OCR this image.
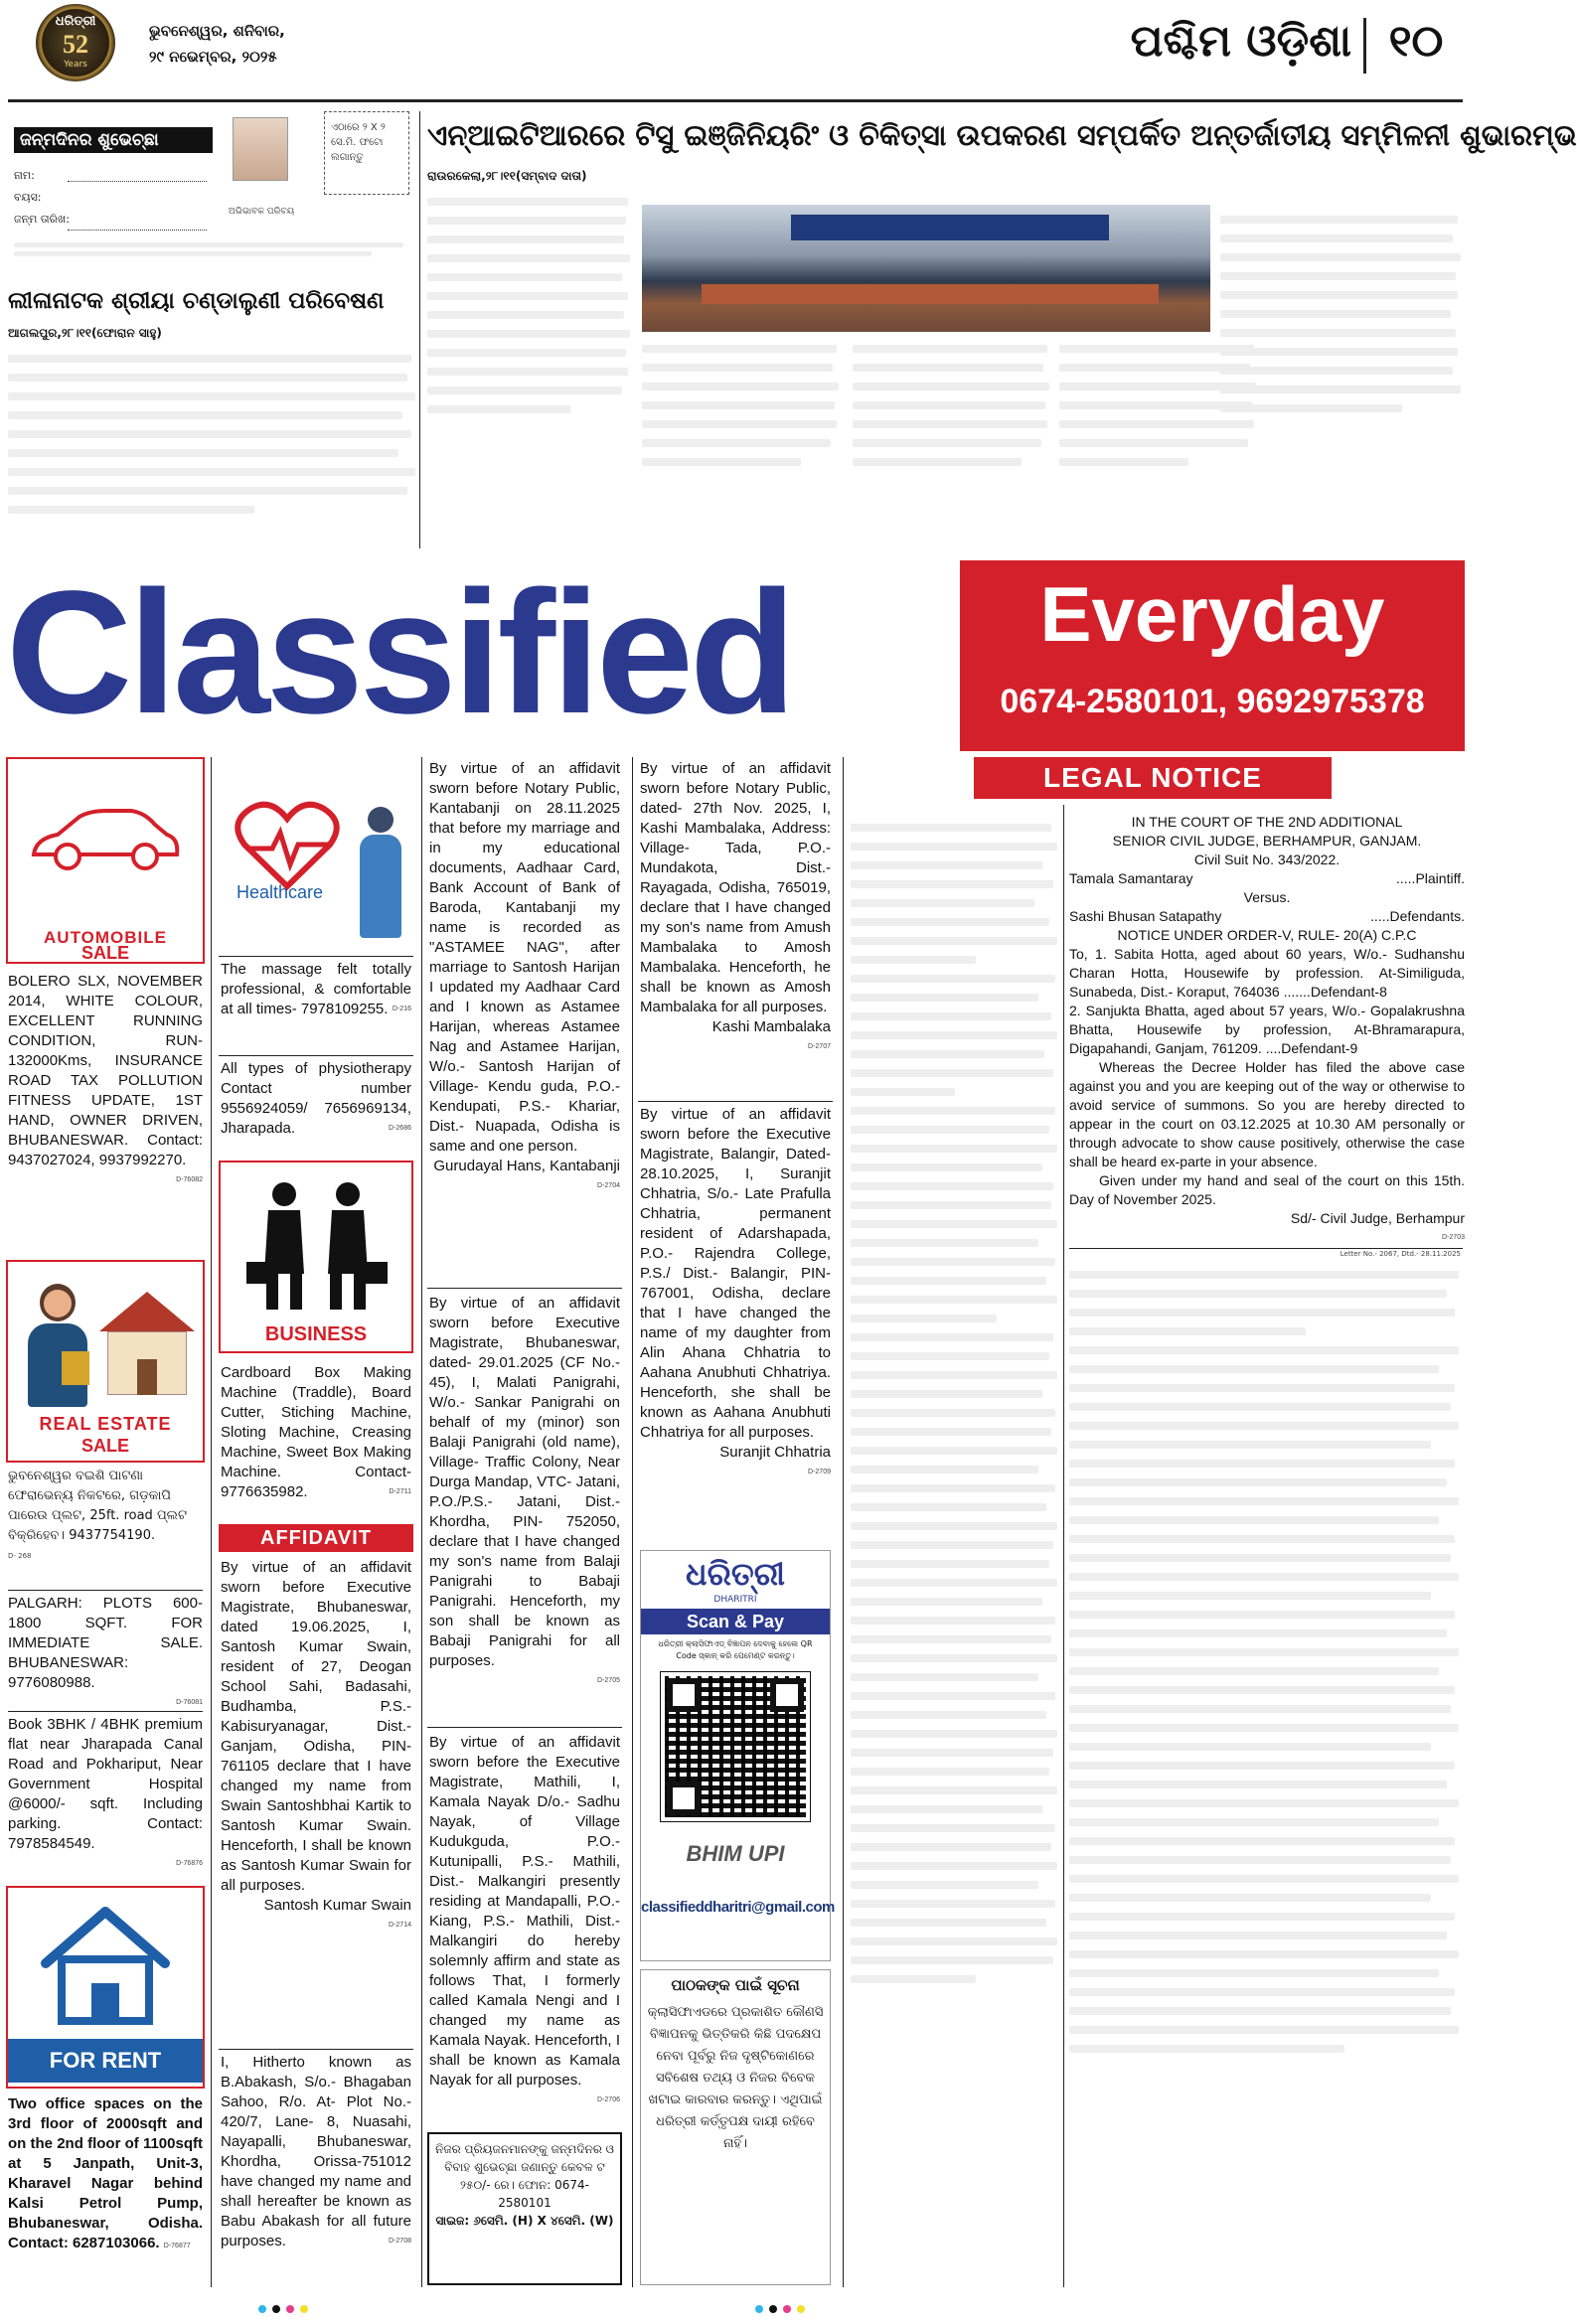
ଧରିତ୍ରୀ
52
Years
ଭୁବନେଶ୍ୱର, ଶନିବାର,
୨୯ ନଭେମ୍ବର, ୨୦୨୫	ପଶ୍ଚିମ ଓଡ଼ିଶା ୧୦
ଜନ୍ମଦିନର ଶୁଭେଚ୍ଛା
ଅଭିଭାବକ ପରିଚୟ
ଏଠାରେ ୨ X ୨ ସେ.ମି. ଫଟୋ ଲଗାନ୍ତୁ
ନାମ:
ବୟସ:
ଜନ୍ମ ତାରିଖ:
ଲୀଳାନାଟକ ଶ୍ରୀୟା ଚଣ୍ଡାଲୁଣୀ ପରିବେଷଣ
ଆଗଲପୁର,୨୮।୧୧(ଫୋରାନ ସାହୁ)
ଏନ୍‌ଆଇଟିଆରରେ ଟିସୁ ଇଞ୍ଜିନିୟରିଂ ଓ ଚିକିତ୍ସା ଉପକରଣ ସମ୍ପର୍କିତ ଅନ୍ତର୍ଜାତୀୟ ସମ୍ମିଳନୀ ଶୁଭାରମ୍ଭ
ରାଉରକେଲା,୨୮।୧୧(ସମ୍ବାଦ ଦାତା)
Classified	Everyday
0674-2580101, 9692975378
AUTOMOBILE
SALE
BOLERO SLX, NOVEMBER 2014, WHITE COLOUR, EXCELLENT RUNNING CONDITION, RUN- 132000Kms, INSURANCE ROAD TAX POLLUTION FITNESS UPDATE, 1ST HAND, OWNER DRIVEN, BHUBANESWAR. Contact: 9437027024, 9937992270.
D-76082
REAL ESTATE
SALE
ଭୁବନେଶ୍ୱର ବଇଶି ପାଟଣା ଫେରାଭେନ୍ୟ ନିକଟରେ, ଗଡ଼କାପି ପାରେଉ ପ୍ଲଟ, 25ft. road ପ୍ଲଟ ବିକ୍ରିହେବ। 9437754190.
D- 268
PALGARH: PLOTS 600- 1800 SQFT. FOR IMMEDIATE SALE. BHUBANESWAR: 9776080988.
D-76081
Book 3BHK / 4BHK premium flat near Jharapada Canal Road and Pokhariput, Near Government Hospital @6000/- sqft. Including parking. Contact: 7978584549.
D-76876
FOR RENT
Two office spaces on the 3rd floor of 2000sqft and on the 2nd floor of 1100sqft at 5 Janpath, Unit-3, Kharavel Nagar behind Kalsi Petrol Pump, Bhubaneswar, Odisha. Contact: 6287103066. D-76877
Healthcare
The massage felt totally professional, & comfortable at all times- 7978109255. D-216
All types of physiotherapy Contact number 9556924059/ 7656969134, Jharapada.	D-2686
BUSINESS
Cardboard Box Making Machine (Traddle), Board Cutter, Stiching Machine, Sloting Machine, Creasing Machine, Sweet Box Making Machine. Contact- 9776635982.	D-2711
AFFIDAVIT
By virtue of an affidavit sworn before Executive Magistrate, Bhubaneswar, dated 19.06.2025, I, Santosh Kumar Swain, resident of 27, Deogan School Sahi, Badasahi, Budhamba, P.S.- Kabisuryanagar, Dist.- Ganjam, Odisha, PIN- 761105 declare that I have changed my name from Swain Santoshbhai Kartik to Santosh Kumar Swain. Henceforth, I shall be known as Santosh Kumar Swain for all purposes.
Santosh Kumar Swain
D-2714
I, Hitherto known as B.Abakash, S/o.- Bhagaban Sahoo, R/o. At- Plot No.- 420/7, Lane- 8, Nuasahi, Nayapalli, Bhubaneswar, Khordha, Orissa-751012 have changed my name and shall hereafter be known as Babu Abakash for all future purposes.	D-2708
By virtue of an affidavit sworn before Notary Public, Kantabanji on 28.11.2025 that before my marriage and in my educational documents, Aadhaar Card, Bank Account of Bank of Baroda, Kantabanji my name is recorded as "ASTAMEE NAG", after marriage to Santosh Harijan I updated my Aadhaar Card and I known as Astamee Harijan, whereas Astamee Nag and Astamee Harijan, W/o.- Santosh Harijan of Village- Kendu guda, P.O.- Kendupati, P.S.- Khariar, Dist.- Nuapada, Odisha is same and one person.
Gurudayal Hans, Kantabanji
D-2704
By virtue of an affidavit sworn before Executive Magistrate, Bhubaneswar, dated- 29.01.2025 (CF No.- 45), I, Malati Panigrahi, W/o.- Sankar Panigrahi on behalf of my (minor) son Balaji Panigrahi (old name), Village- Traffic Colony, Near Durga Mandap, VTC- Jatani, P.O./P.S.- Jatani, Dist.- Khordha, PIN- 752050, declare that I have changed my son's name from Balaji Panigrahi to Babaji Panigrahi. Henceforth, my son shall be known as Babaji Panigrahi for all purposes.
D-2705
By virtue of an affidavit sworn before the Executive Magistrate, Mathili, I, Kamala Nayak D/o.- Sadhu Nayak, of Village Kudukguda, P.O.- Kutunipalli, P.S.- Mathili, Dist.- Malkangiri presently residing at Mandapalli, P.O.- Kiang, P.S.- Mathili, Dist.- Malkangiri do hereby solemnly affirm and state as follows That, I formerly called Kamala Nengi and I changed my name as Kamala Nayak. Henceforth, I shall be known as Kamala Nayak for all purposes.
D-2706
ନିଜର ପ୍ରିୟଜନମାନଙ୍କୁ ଜନ୍ମଦିନର ଓ ବିବାହ ଶୁଭେଚ୍ଛା ଜଣାନ୍ତୁ କେବଳ ଟ ୨୫୦/- ରେ। ଫୋନ: 0674-2580101
ସାଇଜ: ୬ସେମି. (H) X ୪ସେମି. (W)
By virtue of an affidavit sworn before Notary Public, dated- 27th Nov. 2025, I, Kashi Mambalaka, Address: Village- Tada, P.O.- Mundakota, Dist.- Rayagada, Odisha, 765019, declare that I have changed my son's name from Amush Mambalaka to Amosh Mambalaka. Henceforth, he shall be known as Amosh Mambalaka for all purposes.
Kashi Mambalaka
D-2707
By virtue of an affidavit sworn before the Executive Magistrate, Balangir, Dated- 28.10.2025, I, Suranjit Chhatria, S/o.- Late Prafulla Chhatria, permanent resident of Adarshapada, P.O.- Rajendra College, P.S./ Dist.- Balangir, PIN- 767001, Odisha, declare that I have changed the name of my daughter from Alin Ahana Chhatria to Aahana Anubhuti Chhatriya. Henceforth, she shall be known as Aahana Anubhuti Chhatriya for all purposes.
Suranjit Chhatria
D-2709
ଧରିତ୍ରୀ
DHARITRI
Scan & Pay
ଧରିତ୍ରୀ କ୍ଲାସିଫାଏଡ୍ ବିଜ୍ଞାପନ ଦେବାକୁ ହେଲେ QR Code ସ୍କାନ୍ କରି ପେମେଣ୍ଟ କରନ୍ତୁ।
BHIM UPI
classifieddharitri@gmail.com
ପାଠକଙ୍କ ପାଇଁ ସୂଚନା
କ୍ଲାସିଫାଏଡରେ ପ୍ରକାଶିତ କୌଣସି ବିଜ୍ଞାପନକୁ ଭିତ୍ତିକରି କିଛି ପଦକ୍ଷେପ ନେବା ପୂର୍ବରୁ ନିଜ ଦୃଷ୍ଟିକୋଣରେ ସବିଶେଷ ତଥ୍ୟ ଓ ନିଜର ବିବେକ ଖଟାଇ କାରବାର କରନ୍ତୁ। ଏଥିପାଇଁ ଧରିତ୍ରୀ କର୍ତ୍ତୃପକ୍ଷ ଦାୟୀ ରହିବେ ନାହିଁ।
LEGAL NOTICE
IN THE COURT OF THE 2ND ADDITIONAL
SENIOR CIVIL JUDGE, BERHAMPUR, GANJAM.
Civil Suit No. 343/2022.
Tamala Samantaray	.....Plaintiff.
Versus.
Sashi Bhusan Satapathy	.....Defendants.
NOTICE UNDER ORDER-V, RULE- 20(A) C.P.C
To, 1. Sabita Hotta, aged about 60 years, W/o.- Sudhanshu Charan Hotta, Housewife by profession. At-Similiguda, Sunabeda, Dist.- Koraput, 764036 .......Defendant-8
2. Sanjukta Bhatta, aged about 57 years, W/o.- Gopalakrushna Bhatta, Housewife by profession, At-Bhramarapura, Digapahandi, Ganjam, 761209. ....Defendant-9
Whereas the Decree Holder has filed the above case against you and you are keeping out of the way or otherwise to avoid service of summons. So you are hereby directed to appear in the court on 03.12.2025 at 10.30 AM personally or through advocate to show cause positively, otherwise the case shall be heard ex-parte in your absence.
Given under my hand and seal of the court on this 15th. Day of November 2025.
Sd/- Civil Judge, Berhampur
D-2703
Letter No.- 2067, Dtd.- 28.11.2025
